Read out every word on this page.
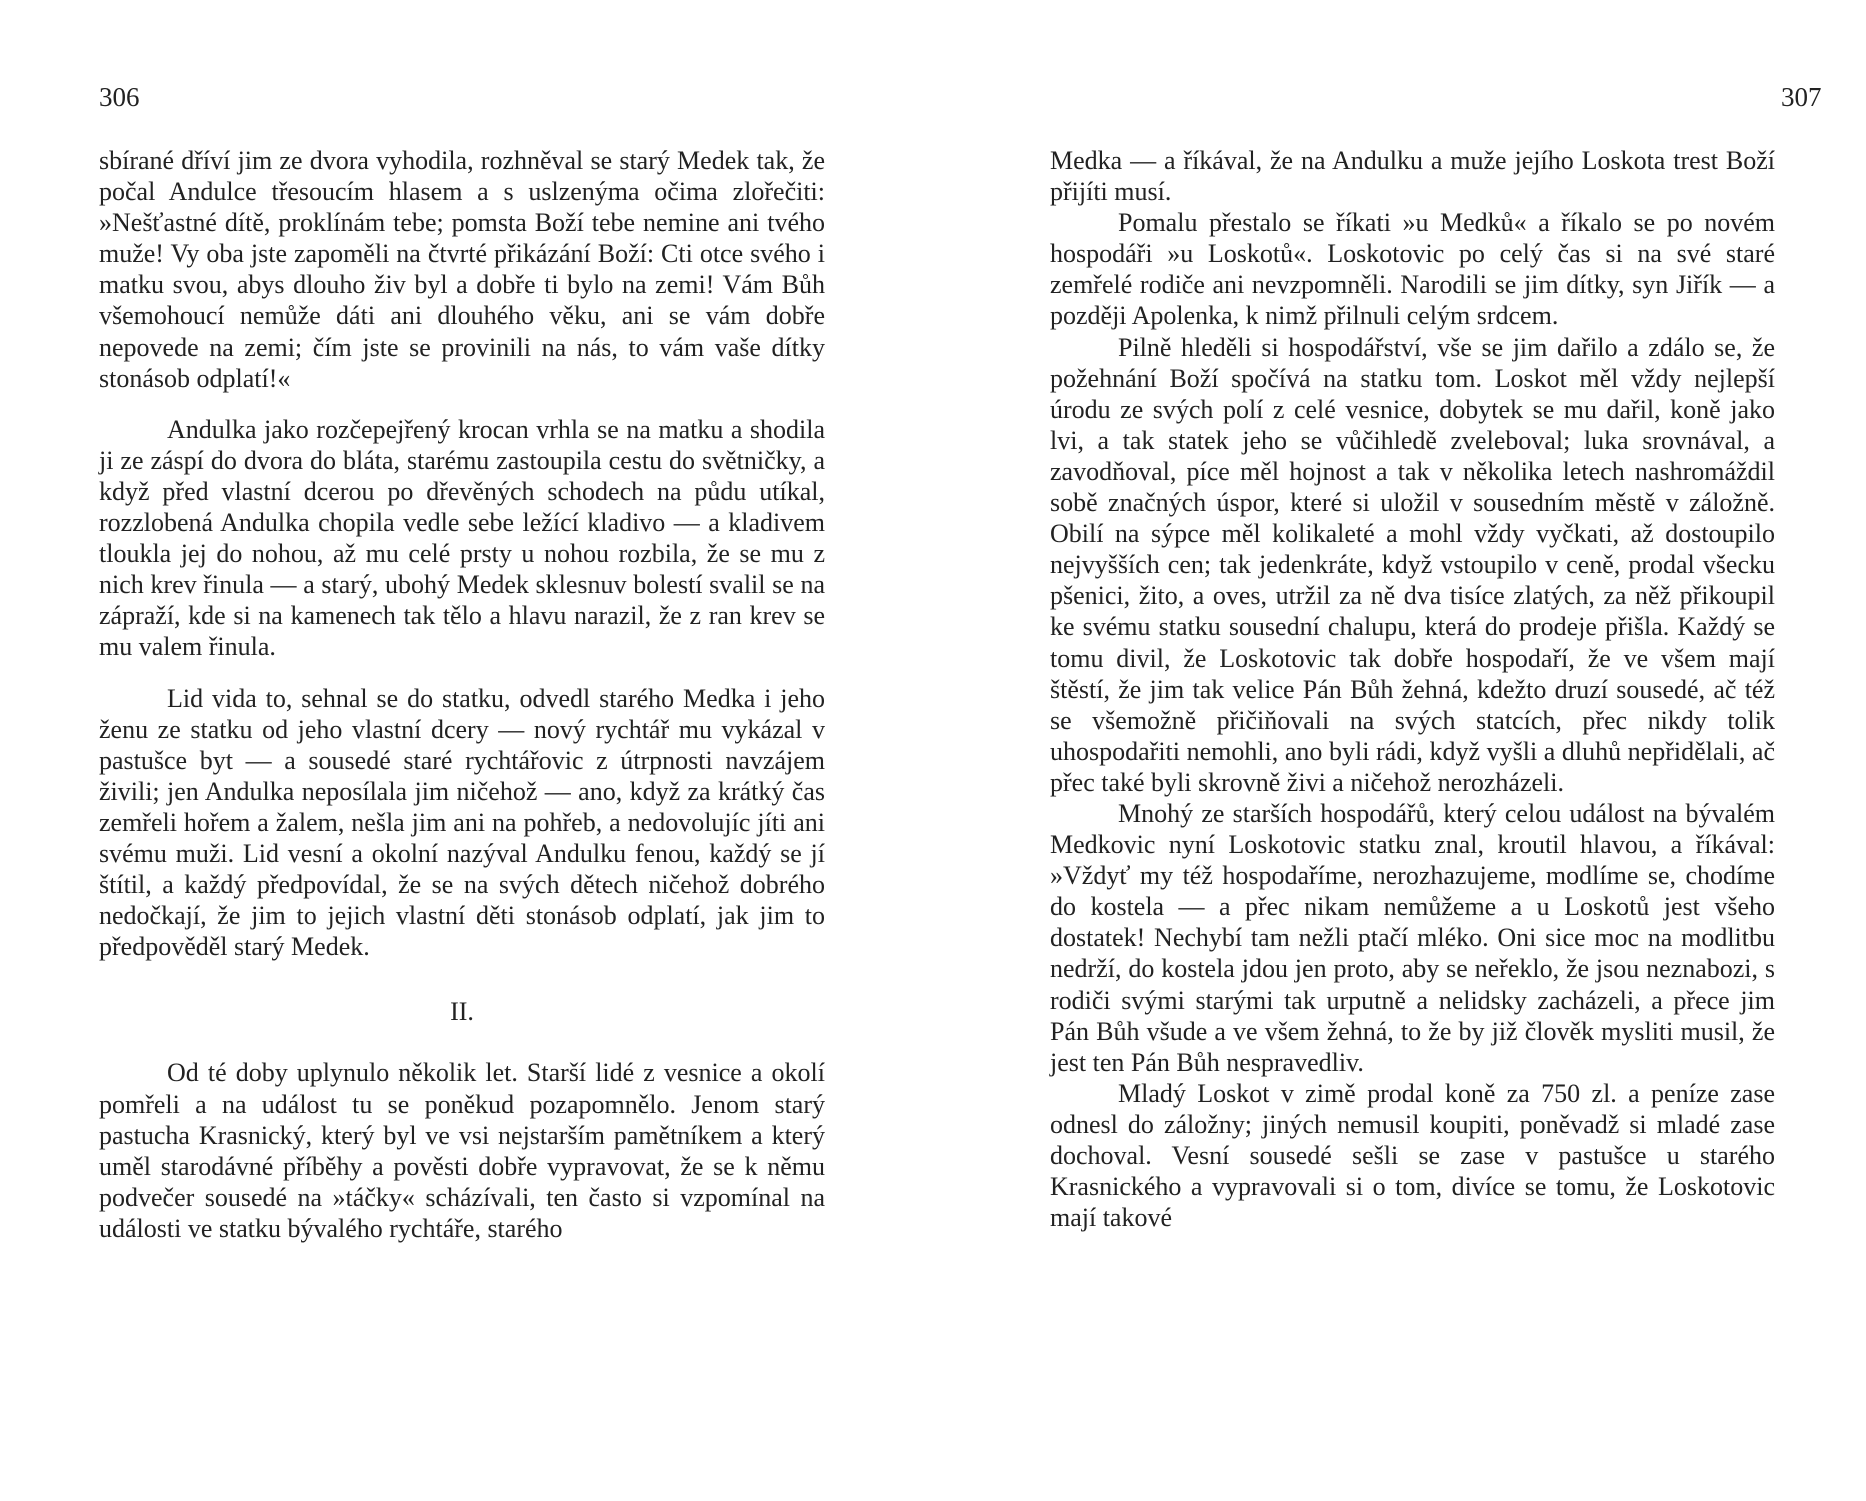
306

sbírané dříví jim ze dvora vyhodila, rozhněval se starý Medek tak, že počal Andulce třesoucím hlasem a s uslzenýma očima zlořečiti: »Nešťastné dítě, proklínám tebe; pomsta Boží tebe nemine ani tvého muže! Vy oba jste zapoměli na čtvrté přikázání Boží: Cti otce svého i matku svou, abys dlouho živ byl a dobře ti bylo na zemi! Vám Bůh všemohoucí nemůže dáti ani dlouhého věku, ani se vám dobře nepovede na zemi; čím jste se provinili na nás, to vám vaše dítky stonásob odplatí!«

Andulka jako rozčepejřený krocan vrhla se na matku a shodila ji ze záspí do dvora do bláta, starému zastoupila cestu do světničky, a když před vlastní dcerou po dřevěných schodech na půdu utíkal, rozzlobená Andulka chopila vedle sebe ležící kladivo — a kladivem tloukla jej do nohou, až mu celé prsty u nohou rozbila, že se mu z nich krev řinula — a starý, ubohý Medek sklesnuv bolestí svalil se na zápraží, kde si na kamenech tak tělo a hlavu narazil, že z ran krev se mu valem řinula.

Lid vida to, sehnal se do statku, odvedl starého Medka i jeho ženu ze statku od jeho vlastní dcery — nový rychtář mu vykázal v pastušce byt — a sousedé staré rychtářovic z útrpnosti navzájem živili; jen Andulka neposílala jim ničehož — ano, když za krátký čas zemřeli hořem a žalem, nešla jim ani na pohřeb, a nedovolujíc jíti ani svému muži. Lid vesní a okolní nazýval Andulku fenou, každý se jí štítil, a každý předpovídal, že se na svých dětech ničehož dobrého nedočkají, že jim to jejich vlastní děti stonásob odplatí, jak jim to předpověděl starý Medek.

II.

Od té doby uplynulo několik let. Starší lidé z vesnice a okolí pomřeli a na událost tu se poněkud pozapomnělo. Jenom starý pastucha Krasnický, který byl ve vsi nejstarším pamětníkem a který uměl starodávné příběhy a pověsti dobře vypravovat, že se k němu podvečer sousedé na »táčky« scházívali, ten často si vzpomínal na události ve statku bývalého rychtáře, starého

307

Medka — a říkával, že na Andulku a muže jejího Loskota trest Boží přijíti musí.

Pomalu přestalo se říkati »u Medků« a říkalo se po novém hospodáři »u Loskotů«. Loskotovic po celý čas si na své staré zemřelé rodiče ani nevzpomněli. Narodili se jim dítky, syn Jiřík — a později Apolenka, k nimž přilnuli celým srdcem.

Pilně hleděli si hospodářství, vše se jim dařilo a zdálo se, že požehnání Boží spočívá na statku tom. Loskot měl vždy nejlepší úrodu ze svých polí z celé vesnice, dobytek se mu dařil, koně jako lvi, a tak statek jeho se vůčihledě zveleboval; luka srovnával, a zavodňoval, píce měl hojnost a tak v několika letech nashromáždil sobě značných úspor, které si uložil v sousedním městě v záložně. Obilí na sýpce měl kolikaleté a mohl vždy vyčkati, až dostoupilo nejvyšších cen; tak jedenkráte, když vstoupilo v ceně, prodal všecku pšenici, žito, a oves, utržil za ně dva tisíce zlatých, za něž přikoupil ke svému statku sousední chalupu, která do prodeje přišla. Každý se tomu divil, že Loskotovic tak dobře hospodaří, že ve všem mají štěstí, že jim tak velice Pán Bůh žehná, kdežto druzí sousedé, ač též se všemožně přičiňovali na svých statcích, přec nikdy tolik uhospodařiti nemohli, ano byli rádi, když vyšli a dluhů nepřidělali, ač přec také byli skrovně živi a ničehož nerozházeli.

Mnohý ze starších hospodářů, který celou událost na bývalém Medkovic nyní Loskotovic statku znal, kroutil hlavou, a říkával: »Vždyť my též hospodaříme, nerozhazujeme, modlíme se, chodíme do kostela — a přec nikam nemůžeme a u Loskotů jest všeho dostatek! Nechybí tam nežli ptačí mléko. Oni sice moc na modlitbu nedrží, do kostela jdou jen proto, aby se neřeklo, že jsou neznabozi, s rodiči svými starými tak urputně a nelidsky zacházeli, a přece jim Pán Bůh všude a ve všem žehná, to že by již člověk mysliti musil, že jest ten Pán Bůh nespravedliv.

Mladý Loskot v zimě prodal koně za 750 zl. a peníze zase odnesl do záložny; jiných nemusil koupiti, poněvadž si mladé zase dochoval. Vesní sousedé sešli se zase v pastušce u starého Krasnického a vypravovali si o tom, divíce se tomu, že Loskotovic mají takové
